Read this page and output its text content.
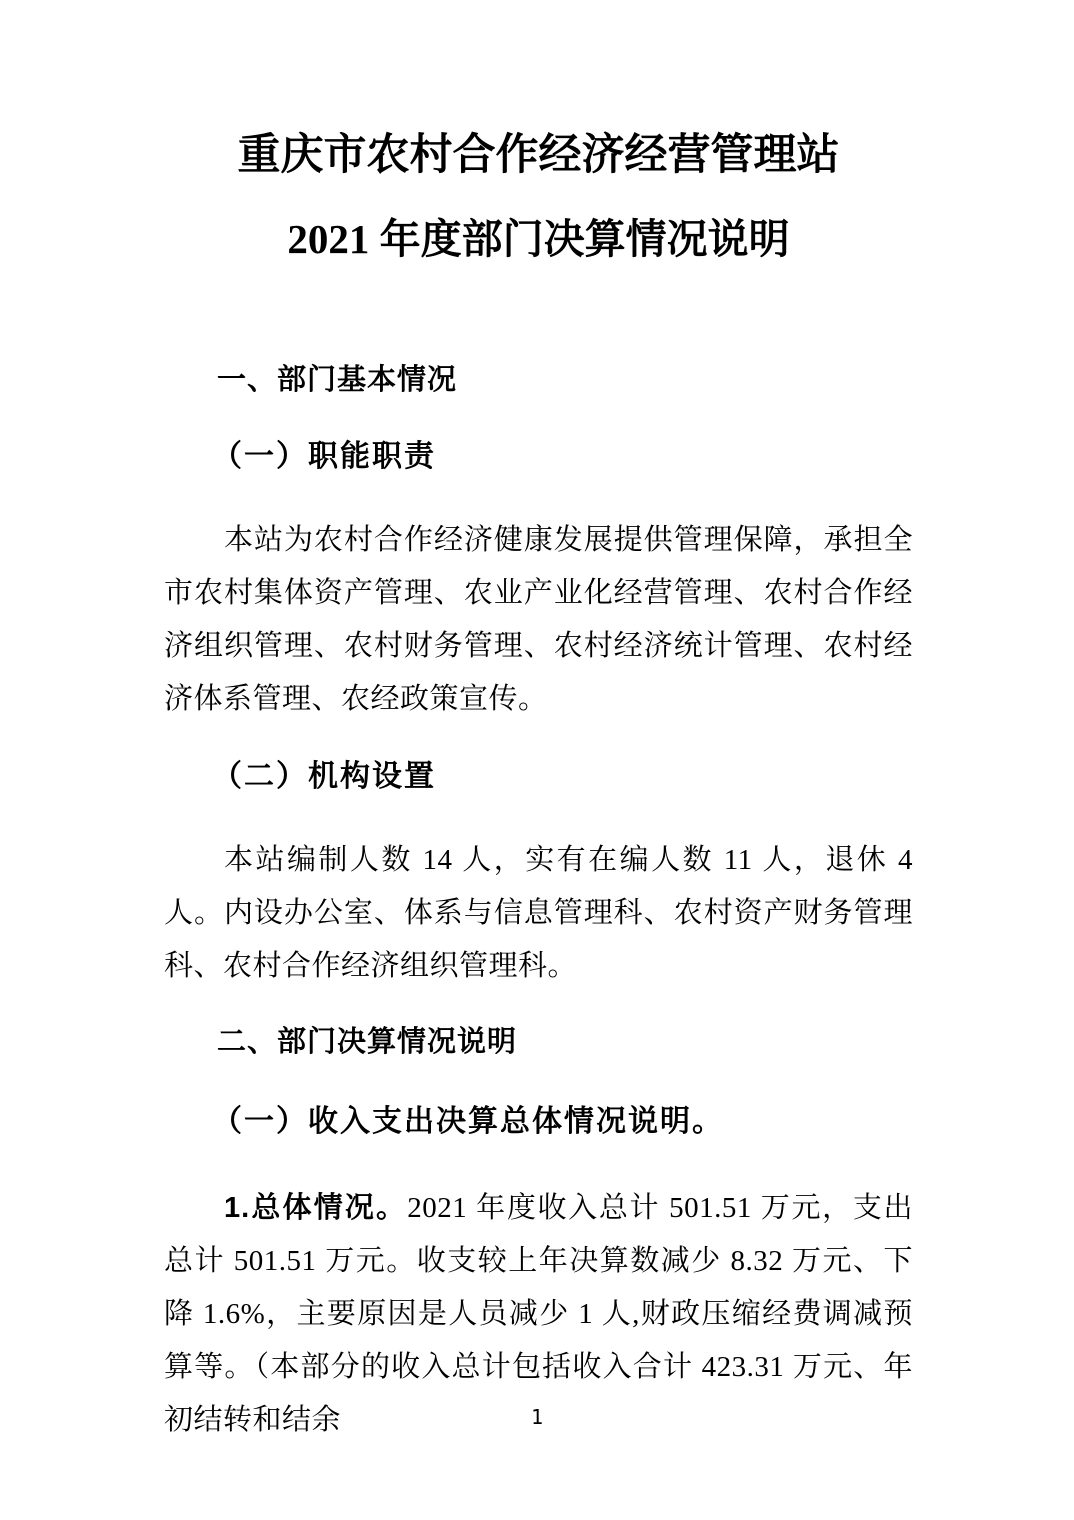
重庆市农村合作经济经营管理站
2021 年度部门决算情况说明
一、部门基本情况
（一）职能职责

本站为农村合作经济健康发展提供管理保障，承担全市农村集体资产管理、农业产业化经营管理、农村合作经济组织管理、农村财务管理、农村经济统计管理、农村经济体系管理、农经政策宣传。

（二）机构设置

本站编制人数 14 人，实有在编人数 11 人，退休 4 人。内设办公室、体系与信息管理科、农村资产财务管理科、农村合作经济组织管理科。

二、部门决算情况说明
（一）收入支出决算总体情况说明。

1.总体情况。2021 年度收入总计 501.51 万元，支出总计 501.51 万元。收支较上年决算数减少 8.32 万元、下降 1.6%，主要原因是人员减少 1 人,财政压缩经费调减预算等。（本部分的收入总计包括收入合计 423.31 万元、年初结转和结余	1
